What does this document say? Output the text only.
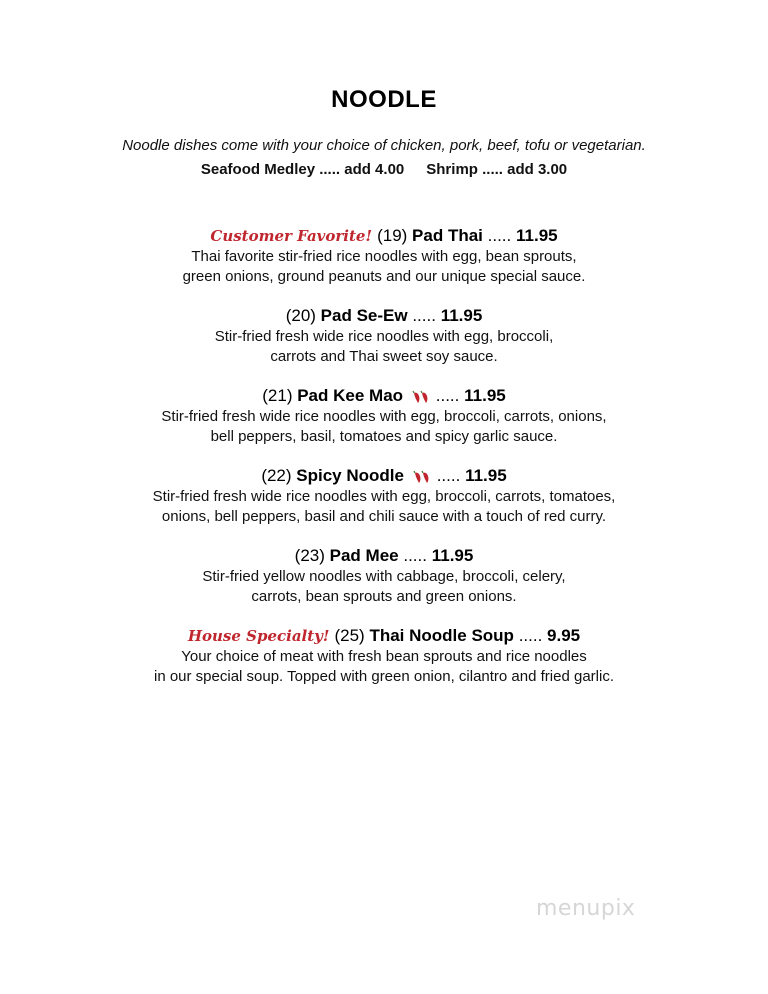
NOODLE
Noodle dishes come with your choice of chicken, pork, beef, tofu or vegetarian.
Seafood Medley ..... add 4.00 Shrimp ..... add 3.00
Customer Favorite! (19) Pad Thai ..... 11.95
Thai favorite stir-fried rice noodles with egg, bean sprouts,
green onions, ground peanuts and our unique special sauce.
(20) Pad Se-Ew ..... 11.95
Stir-fried fresh wide rice noodles with egg, broccoli,
carrots and Thai sweet soy sauce.
(21) Pad Kee Mao ..... 11.95
Stir-fried fresh wide rice noodles with egg, broccoli, carrots, onions,
bell peppers, basil, tomatoes and spicy garlic sauce.
(22) Spicy Noodle ..... 11.95
Stir-fried fresh wide rice noodles with egg, broccoli, carrots, tomatoes,
onions, bell peppers, basil and chili sauce with a touch of red curry.
(23) Pad Mee ..... 11.95
Stir-fried yellow noodles with cabbage, broccoli, celery,
carrots, bean sprouts and green onions.
House Specialty! (25) Thai Noodle Soup ..... 9.95
Your choice of meat with fresh bean sprouts and rice noodles
in our special soup. Topped with green onion, cilantro and fried garlic.
menupix
